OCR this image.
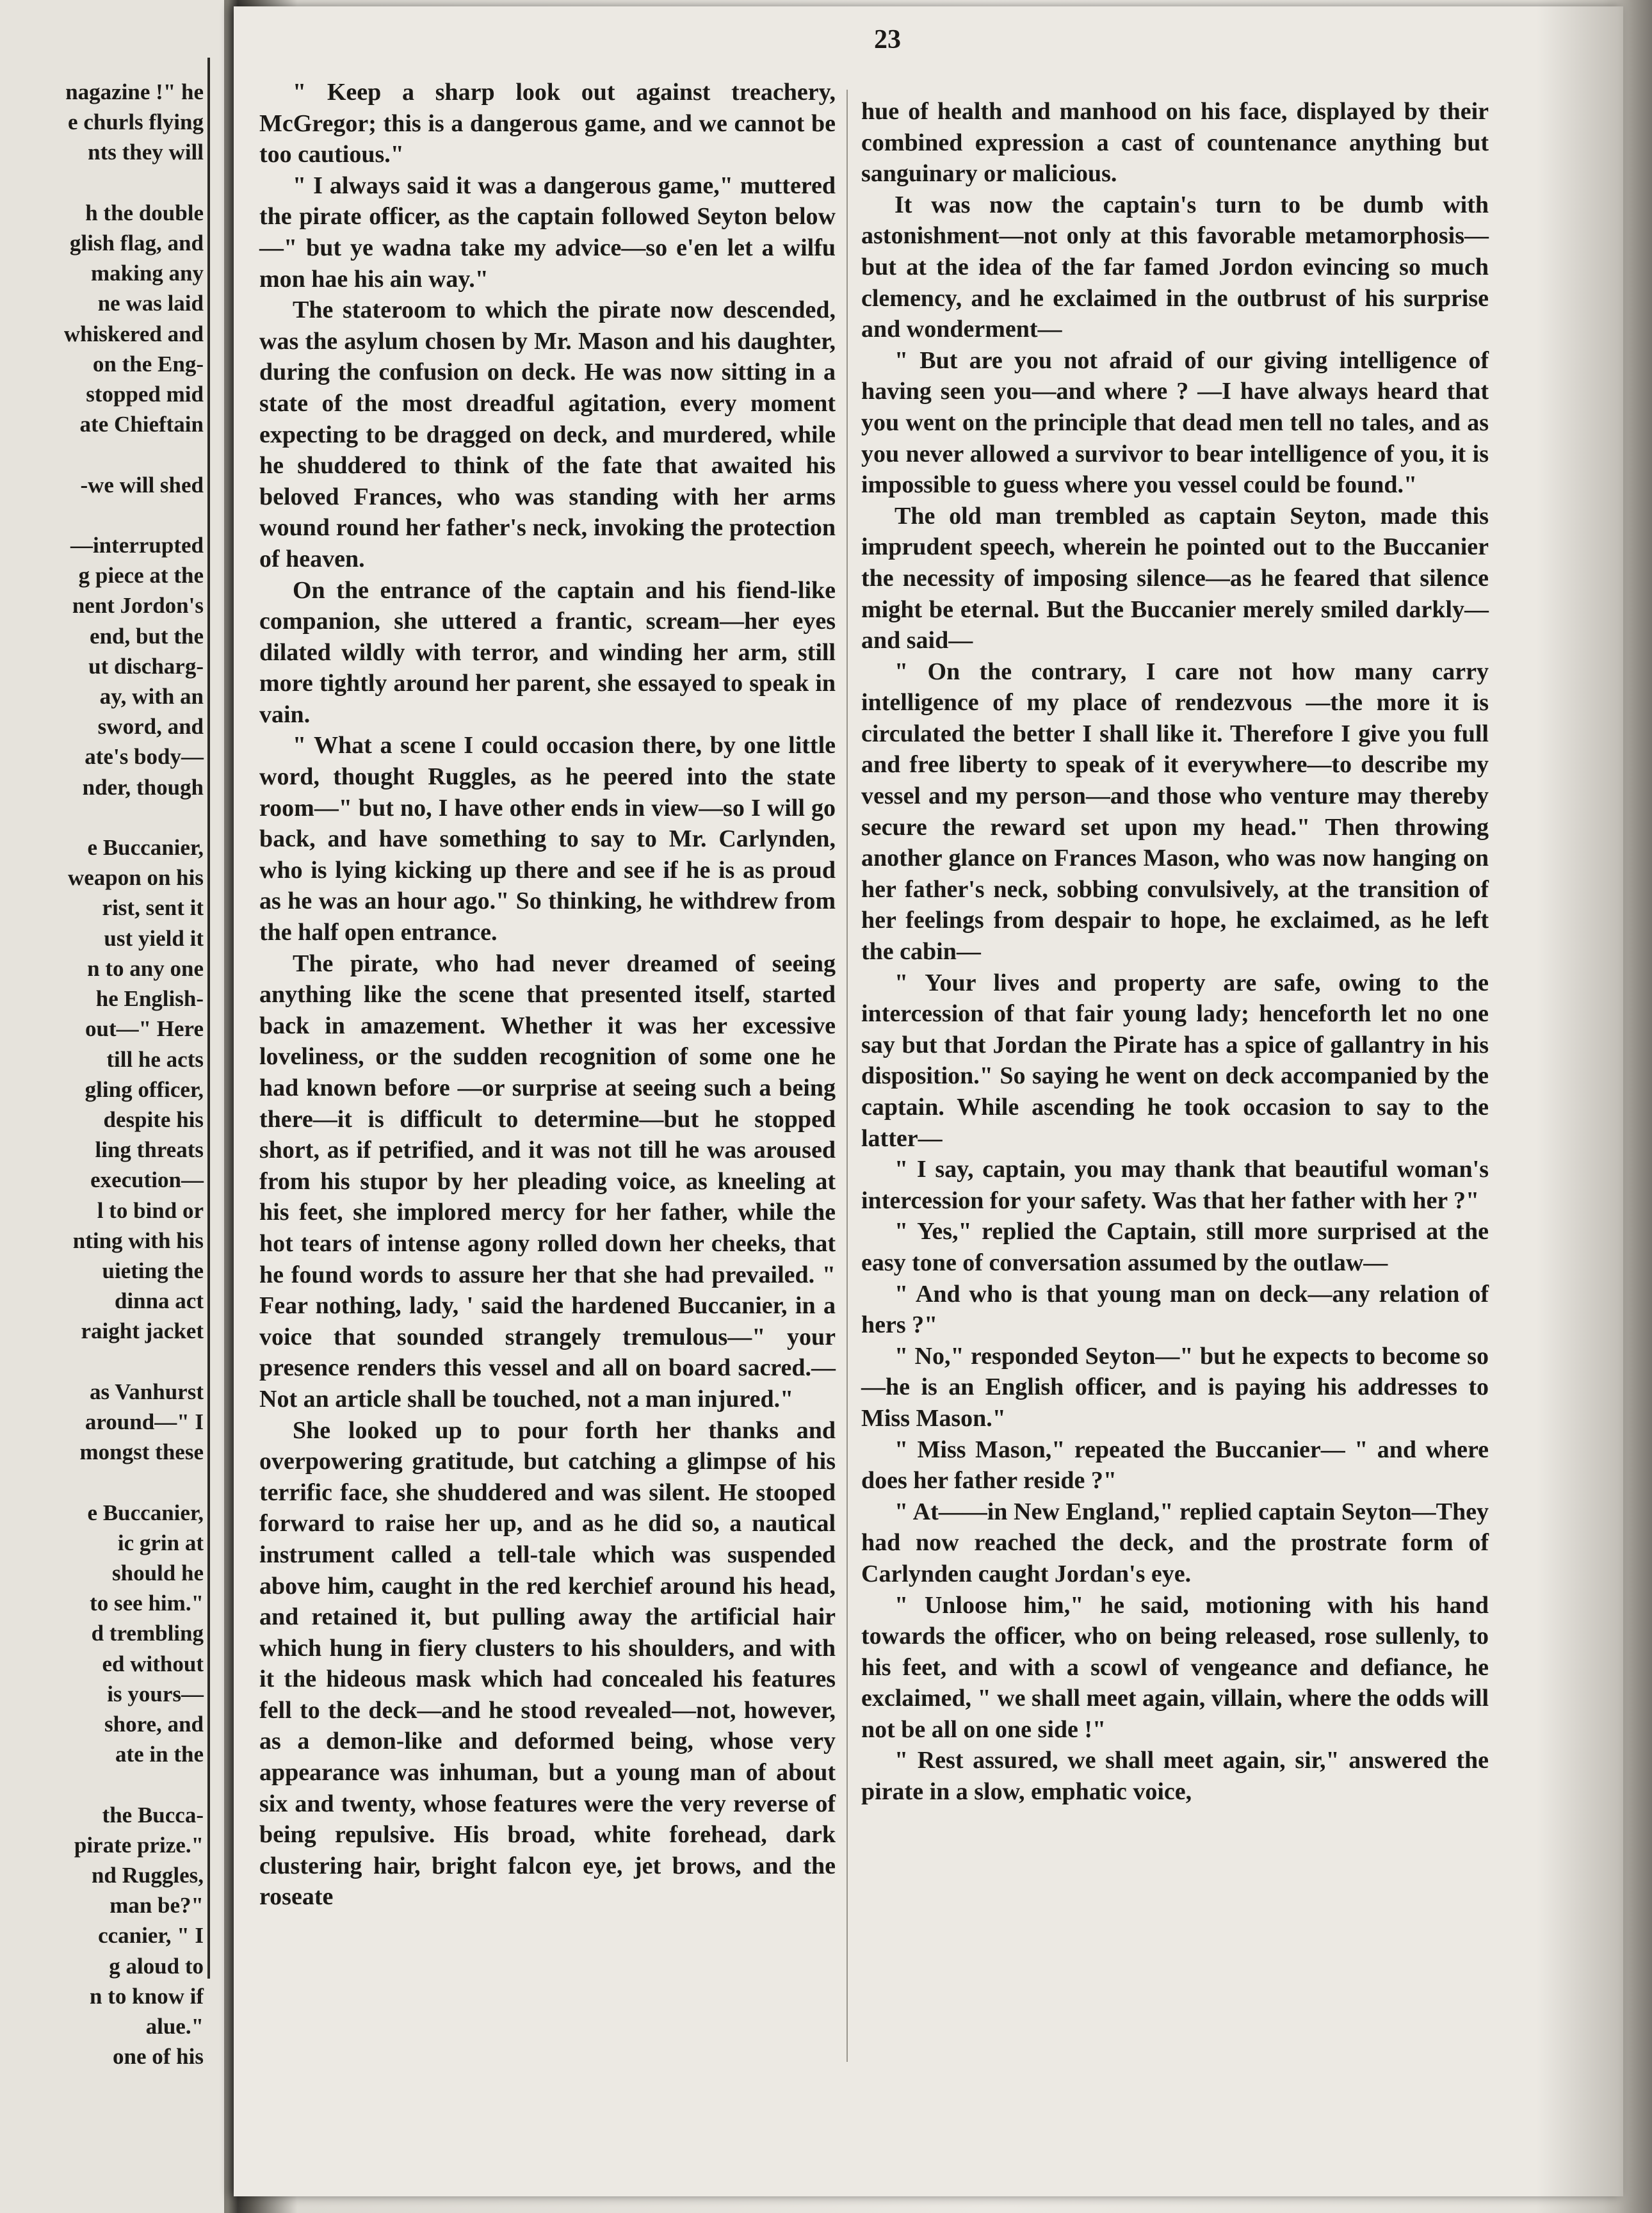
nagazine !" he
e churls flying
nts they will

h the double
glish flag, and
making any
ne was laid
whiskered and
on the Eng-
stopped mid
ate Chieftain

-we will shed

—interrupted
g piece at the
nent Jordon's
end, but the
ut discharg-
ay, with an
sword, and
ate's body—
nder, though

e Buccanier,
weapon on his
rist, sent it
ust yield it
n to any one
he English-
out—" Here
till he acts
gling officer,
despite his
ling threats
execution—
l to bind or
nting with his
uieting the
dinna act
raight jacket

as Vanhurst
around—" I
mongst these

e Buccanier,
ic grin at
should he
to see him."
d trembling
ed without
is yours—
shore, and
ate in the

the Bucca-
pirate prize."
nd Ruggles,
man be?"
ccanier, " I
g aloud to
n to know if
alue."
one of his
23

" Keep a sharp look out against treachery, McGregor; this is a dangerous game, and we cannot be too cautious."

" I always said it was a dangerous game," muttered the pirate officer, as the captain followed Seyton below—" but ye wadna take my advice—so e'en let a wilfu mon hae his ain way."

The stateroom to which the pirate now descended, was the asylum chosen by Mr. Mason and his daughter, during the confusion on deck. He was now sitting in a state of the most dreadful agitation, every moment expecting to be dragged on deck, and murdered, while he shuddered to think of the fate that awaited his beloved Frances, who was standing with her arms wound round her father's neck, invoking the protection of heaven.

On the entrance of the captain and his fiend-like companion, she uttered a frantic, scream—her eyes dilated wildly with terror, and winding her arm, still more tightly around her parent, she essayed to speak in vain.

" What a scene I could occasion there, by one little word, thought Ruggles, as he peered into the state room—" but no, I have other ends in view—so I will go back, and have something to say to Mr. Carlynden, who is lying kicking up there and see if he is as proud as he was an hour ago." So thinking, he withdrew from the half open entrance.

The pirate, who had never dreamed of seeing anything like the scene that presented itself, started back in amazement. Whether it was her excessive loveliness, or the sudden recognition of some one he had known before —or surprise at seeing such a being there—it is difficult to determine—but he stopped short, as if petrified, and it was not till he was aroused from his stupor by her pleading voice, as kneeling at his feet, she implored mercy for her father, while the hot tears of intense agony rolled down her cheeks, that he found words to assure her that she had prevailed. " Fear nothing, lady, ' said the hardened Buccanier, in a voice that sounded strangely tremulous—" your presence renders this vessel and all on board sacred.—Not an article shall be touched, not a man injured."

She looked up to pour forth her thanks and overpowering gratitude, but catching a glimpse of his terrific face, she shuddered and was silent. He stooped forward to raise her up, and as he did so, a nautical instrument called a tell-tale which was suspended above him, caught in the red kerchief around his head, and retained it, but pulling away the artificial hair which hung in fiery clusters to his shoulders, and with it the hideous mask which had concealed his features fell to the deck—and he stood revealed—not, however, as a demon-like and deformed being, whose very appearance was inhuman, but a young man of about six and twenty, whose features were the very reverse of being repulsive. His broad, white forehead, dark clustering hair, bright falcon eye, jet brows, and the roseate

hue of health and manhood on his face, displayed by their combined expression a cast of countenance anything but sanguinary or malicious.

It was now the captain's turn to be dumb with astonishment—not only at this favorable metamorphosis—but at the idea of the far famed Jordon evincing so much clemency, and he exclaimed in the outbrust of his surprise and wonderment—

" But are you not afraid of our giving intelligence of having seen you—and where ? —I have always heard that you went on the principle that dead men tell no tales, and as you never allowed a survivor to bear intelligence of you, it is impossible to guess where you vessel could be found."

The old man trembled as captain Seyton, made this imprudent speech, wherein he pointed out to the Buccanier the necessity of imposing silence—as he feared that silence might be eternal. But the Buccanier merely smiled darkly—and said—

" On the contrary, I care not how many carry intelligence of my place of rendezvous —the more it is circulated the better I shall like it. Therefore I give you full and free liberty to speak of it everywhere—to describe my vessel and my person—and those who venture may thereby secure the reward set upon my head." Then throwing another glance on Frances Mason, who was now hanging on her father's neck, sobbing convulsively, at the transition of her feelings from despair to hope, he exclaimed, as he left the cabin—

" Your lives and property are safe, owing to the intercession of that fair young lady; henceforth let no one say but that Jordan the Pirate has a spice of gallantry in his disposition." So saying he went on deck accompanied by the captain. While ascending he took occasion to say to the latter—

" I say, captain, you may thank that beautiful woman's intercession for your safety. Was that her father with her ?"

" Yes," replied the Captain, still more surprised at the easy tone of conversation assumed by the outlaw—

" And who is that young man on deck—any relation of hers ?"

" No," responded Seyton—" but he expects to become so—he is an English officer, and is paying his addresses to Miss Mason."

" Miss Mason," repeated the Buccanier— " and where does her father reside ?"

" At——in New England," replied captain Seyton—They had now reached the deck, and the prostrate form of Carlynden caught Jordan's eye.

" Unloose him," he said, motioning with his hand towards the officer, who on being released, rose sullenly, to his feet, and with a scowl of vengeance and defiance, he exclaimed, " we shall meet again, villain, where the odds will not be all on one side !"

" Rest assured, we shall meet again, sir," answered the pirate in a slow, emphatic voice,
